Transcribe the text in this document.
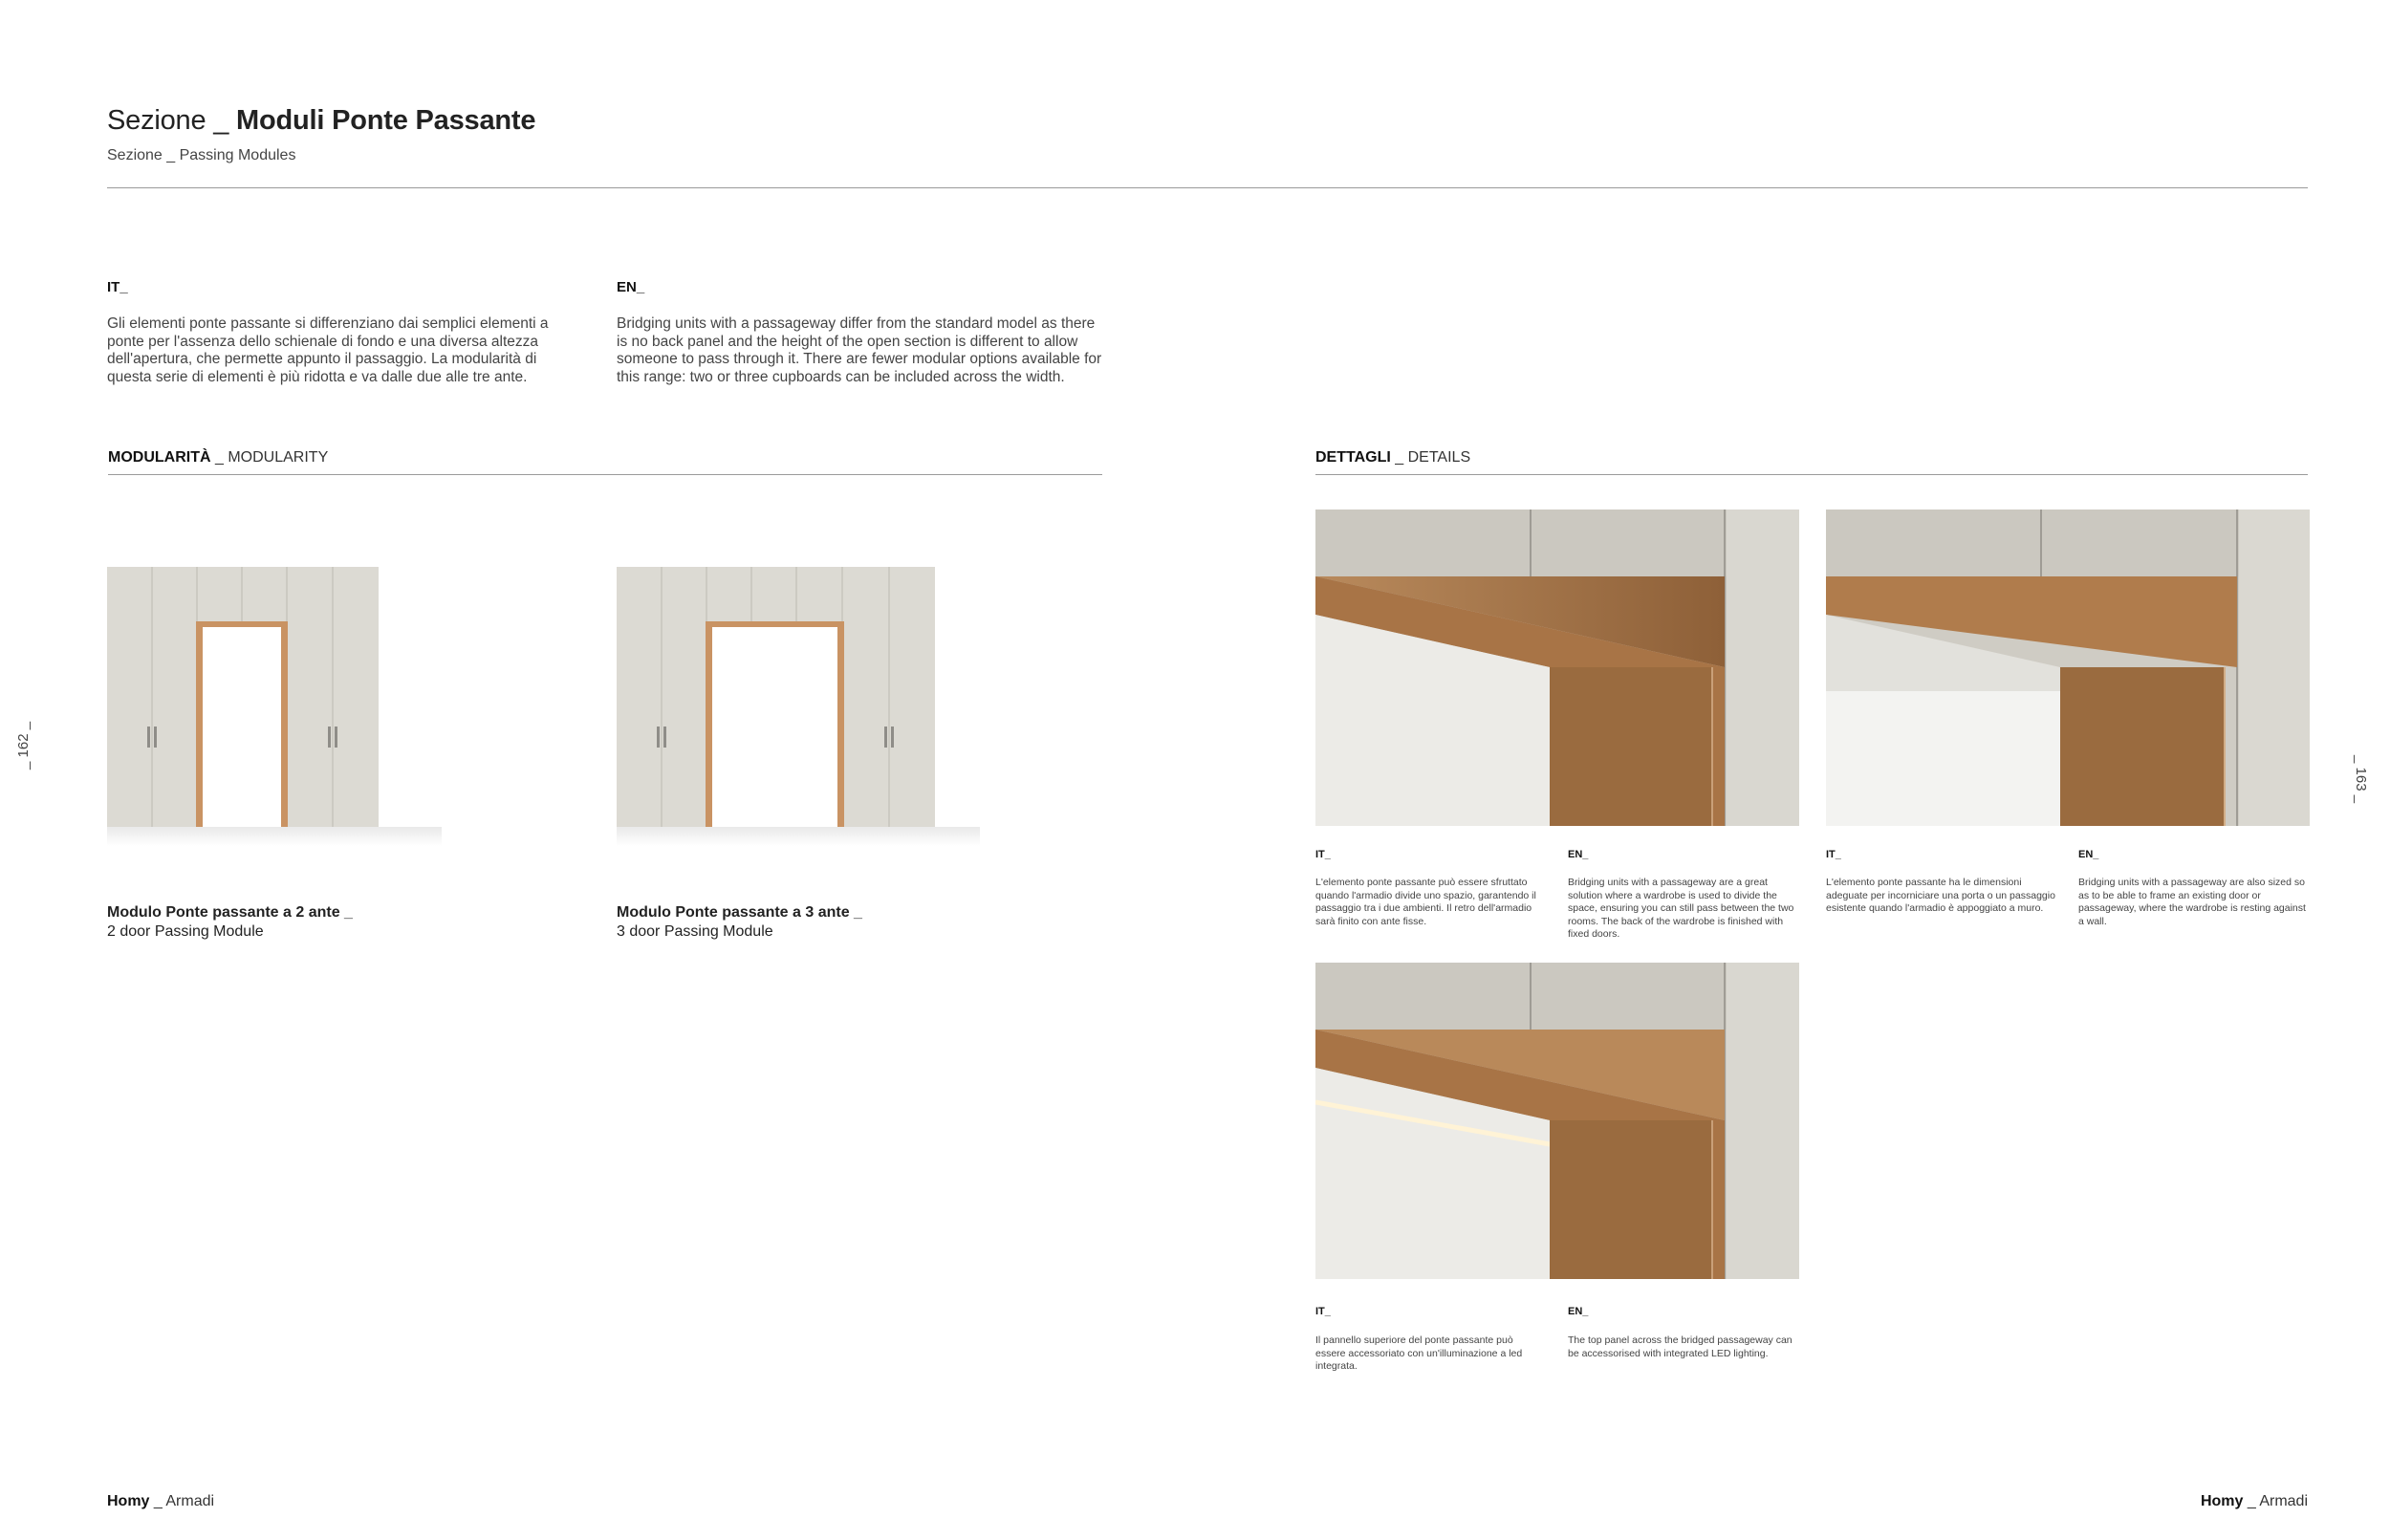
Sezione _ Moduli Ponte Passante
Sezione _ Passing Modules
IT_
Gli elementi ponte passante si differenziano dai semplici elementi a ponte per l'assenza dello schienale di fondo e una diversa altezza dell'apertura, che permette appunto il passaggio. La modularità di questa serie di elementi è più ridotta e va dalle due alle tre ante.
EN_
Bridging units with a passageway differ from the standard model as there is no back panel and the height of the open section is different to allow someone to pass through it. There are fewer modular options available for this range: two or three cupboards can be included across the width.
MODULARITÀ _ MODULARITY
Modulo Ponte passante a 2 ante _
2 door Passing Module
Modulo Ponte passante a 3 ante _
3 door Passing Module
DETTAGLI _ DETAILS
IT_
L'elemento ponte passante può essere sfruttato quando l'armadio divide uno spazio, garantendo il passaggio tra i due ambienti. Il retro dell'armadio sarà finito con ante fisse.
EN_
Bridging units with a passageway are a great solution where a wardrobe is used to divide the space, ensuring you can still pass between the two rooms. The back of the wardrobe is finished with fixed doors.
IT_
L'elemento ponte passante ha le dimensioni adeguate per incorniciare una porta o un passaggio esistente quando l'armadio è appoggiato a muro.
EN_
Bridging units with a passageway are also sized so as to be able to frame an existing door or passageway, where the wardrobe is resting against a wall.
IT_
Il pannello superiore del ponte passante può essere accessoriato con un'illuminazione a led integrata.
EN_
The top panel across the bridged passageway can be accessorised with integrated LED lighting.
_ 162 _
_ 163 _
Homy _ Armadi	Homy _ Armadi
